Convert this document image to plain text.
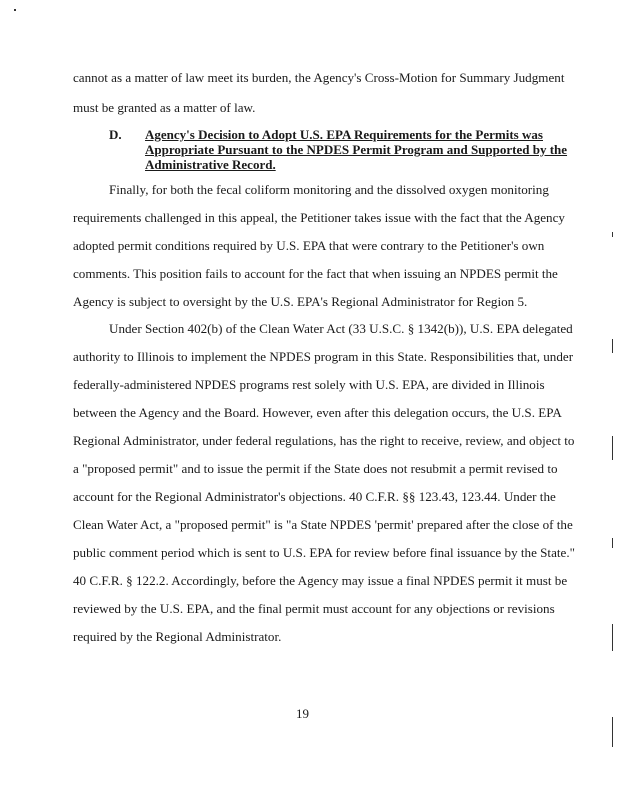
cannot as a matter of law meet its burden, the Agency's Cross-Motion for Summary Judgment
must be granted as a matter of law.
D. Agency's Decision to Adopt U.S. EPA Requirements for the Permits was
Appropriate Pursuant to the NPDES Permit Program and Supported by the
Administrative Record.
Finally, for both the fecal coliform monitoring and the dissolved oxygen monitoring
requirements challenged in this appeal, the Petitioner takes issue with the fact that the Agency
adopted permit conditions required by U.S. EPA that were contrary to the Petitioner's own
comments. This position fails to account for the fact that when issuing an NPDES permit the
Agency is subject to oversight by the U.S. EPA's Regional Administrator for Region 5.
Under Section 402(b) of the Clean Water Act (33 U.S.C. § 1342(b)), U.S. EPA delegated
authority to Illinois to implement the NPDES program in this State. Responsibilities that, under
federally-administered NPDES programs rest solely with U.S. EPA, are divided in Illinois
between the Agency and the Board. However, even after this delegation occurs, the U.S. EPA
Regional Administrator, under federal regulations, has the right to receive, review, and object to
a "proposed permit" and to issue the permit if the State does not resubmit a permit revised to
account for the Regional Administrator's objections. 40 C.F.R. §§ 123.43, 123.44. Under the
Clean Water Act, a "proposed permit" is "a State NPDES 'permit' prepared after the close of the
public comment period which is sent to U.S. EPA for review before final issuance by the State."
40 C.F.R. § 122.2. Accordingly, before the Agency may issue a final NPDES permit it must be
reviewed by the U.S. EPA, and the final permit must account for any objections or revisions
required by the Regional Administrator.
19
